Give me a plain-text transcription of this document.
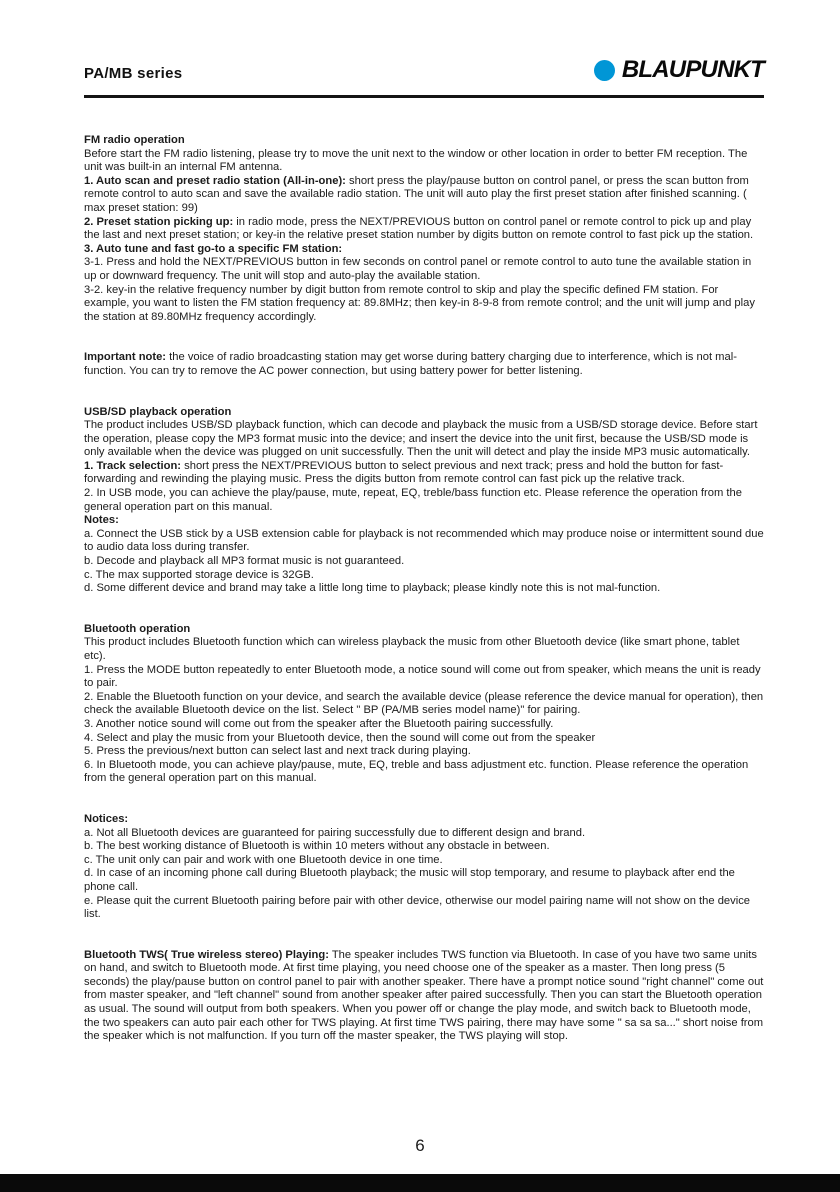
PA/MB series	BLAUPUNKT

FM radio operation

Before start the FM radio listening, please try to move the unit next to the window or other location in order to better FM reception. The unit was built-in an internal FM antenna.

1. Auto scan and preset radio station (All-in-one): short press the play/pause button on control panel, or press the scan button from remote control to auto scan and save the available radio station. The unit will auto play the first preset station after finished scanning. ( max preset station: 99)

2. Preset station picking up: in radio mode, press the NEXT/PREVIOUS button on control panel or remote control to pick up and play the last and next preset station; or key-in the relative preset station number by digits button on remote control to fast pick up the station.

3. Auto tune and fast go-to a specific FM station:

3-1. Press and hold the NEXT/PREVIOUS button in few seconds on control panel or remote control to auto tune the available station in up or downward frequency. The unit will stop and auto-play the available station.

3-2. key-in the relative frequency number by digit button from remote control to skip and play the specific defined FM station. For example, you want to listen the FM station frequency at: 89.8MHz; then key-in 8-9-8 from remote control; and the unit will jump and play the station at 89.80MHz frequency accordingly.

Important note: the voice of radio broadcasting station may get worse during battery charging due to interference, which is not mal-function. You can try to remove the AC power connection, but using battery power for better listening.

USB/SD playback operation

The product includes USB/SD playback function, which can decode and playback the music from a USB/SD storage device. Before start the operation, please copy the MP3 format music into the device; and insert the device into the unit first, because the USB/SD mode is only available when the device was plugged on unit successfully. Then the unit will detect and play the inside MP3 music automatically.

1. Track selection: short press the NEXT/PREVIOUS button to select previous and next track; press and hold the button for fast-forwarding and rewinding the playing music. Press the digits button from remote control can fast pick up the relative track.

2. In USB mode, you can achieve the play/pause, mute, repeat, EQ, treble/bass function etc. Please reference the operation from the general operation part on this manual.

Notes:

a. Connect the USB stick by a USB extension cable for playback is not recommended which may produce noise or intermittent sound due to audio data loss during transfer.

b. Decode and playback all MP3 format music is not guaranteed.

c. The max supported storage device is 32GB.

d. Some different device and brand may take a little long time to playback; please kindly note this is not mal-function.

Bluetooth operation

This product includes Bluetooth function which can wireless playback the music from other Bluetooth device (like smart phone, tablet etc).

1. Press the MODE button repeatedly to enter Bluetooth mode, a notice sound will come out from speaker, which means the unit is ready to pair.

2. Enable the Bluetooth function on your device, and search the available device (please reference the device manual for operation), then check the available Bluetooth device on the list. Select " BP (PA/MB series model name)" for pairing.

3. Another notice sound will come out from the speaker after the Bluetooth pairing successfully.

4. Select and play the music from your Bluetooth device, then the sound will come out from the speaker

5. Press the previous/next button can select last and next track during playing.

6. In Bluetooth mode, you can achieve play/pause, mute, EQ, treble and bass adjustment etc. function. Please reference the operation from the general operation part on this manual.

Notices:

a. Not all Bluetooth devices are guaranteed for pairing successfully due to different design and brand.

b. The best working distance of Bluetooth is within 10 meters without any obstacle in between.

c. The unit only can pair and work with one Bluetooth device in one time.

d. In case of an incoming phone call during Bluetooth playback; the music will stop temporary, and resume to playback after end the phone call.

e. Please quit the current Bluetooth pairing before pair with other device, otherwise our model pairing name will not show on the device list.

Bluetooth TWS( True wireless stereo) Playing: The speaker includes TWS function via Bluetooth. In case of you have two same units on hand, and switch to Bluetooth mode. At first time playing, you need choose one of the speaker as a master. Then long press (5 seconds) the play/pause button on control panel to pair with another speaker. There have a prompt notice sound "right channel" come out from master speaker, and "left channel" sound from another speaker after paired successfully. Then you can start the Bluetooth operation as usual. The sound will output from both speakers. When you power off or change the play mode, and switch back to Bluetooth mode, the two speakers can auto pair each other for TWS playing. At first time TWS pairing, there may have some " sa sa sa..." short noise from the speaker which is not malfunction. If you turn off the master speaker, the TWS playing will stop.

6
